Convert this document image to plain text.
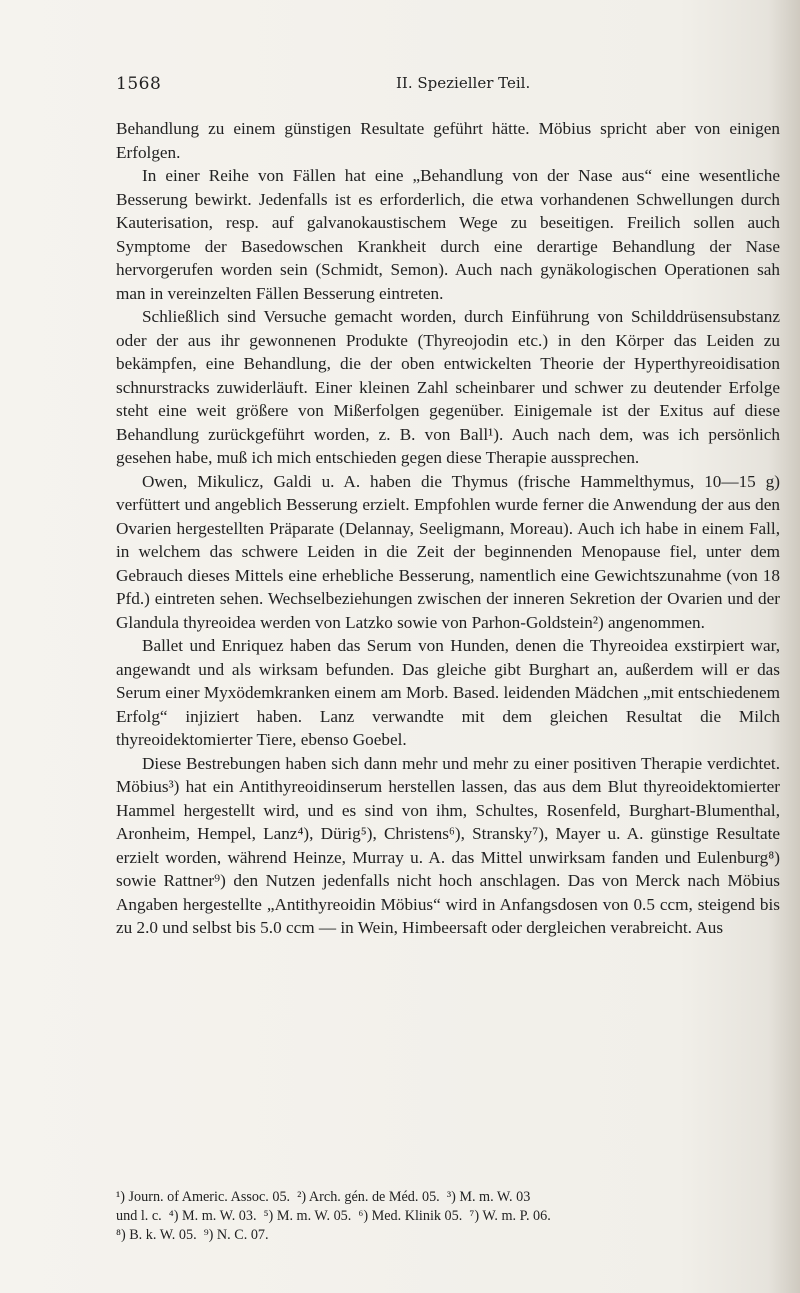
1568	II. Spezieller Teil.

Behandlung zu einem günstigen Resultate geführt hätte. Möbius spricht aber von einigen Erfolgen.

In einer Reihe von Fällen hat eine „Behandlung von der Nase aus“ eine wesentliche Besserung bewirkt. Jedenfalls ist es erforderlich, die etwa vorhandenen Schwellungen durch Kauterisation, resp. auf galvanokaustischem Wege zu beseitigen. Freilich sollen auch Symptome der Basedowschen Krankheit durch eine derartige Behandlung der Nase hervorgerufen worden sein (Schmidt, Semon). Auch nach gynäkologischen Operationen sah man in vereinzelten Fällen Besserung eintreten.

Schließlich sind Versuche gemacht worden, durch Einführung von Schilddrüsensubstanz oder der aus ihr gewonnenen Produkte (Thyreojodin etc.) in den Körper das Leiden zu bekämpfen, eine Behandlung, die der oben entwickelten Theorie der Hyperthyreoidisation schnurstracks zuwiderläuft. Einer kleinen Zahl scheinbarer und schwer zu deutender Erfolge steht eine weit größere von Mißerfolgen gegenüber. Einigemale ist der Exitus auf diese Behandlung zurückgeführt worden, z. B. von Ball¹). Auch nach dem, was ich persönlich gesehen habe, muß ich mich entschieden gegen diese Therapie aussprechen.

Owen, Mikulicz, Galdi u. A. haben die Thymus (frische Hammelthymus, 10—15 g) verfüttert und angeblich Besserung erzielt. Empfohlen wurde ferner die Anwendung der aus den Ovarien hergestellten Präparate (Delannay, Seeligmann, Moreau). Auch ich habe in einem Fall, in welchem das schwere Leiden in die Zeit der beginnenden Menopause fiel, unter dem Gebrauch dieses Mittels eine erhebliche Besserung, namentlich eine Gewichtszunahme (von 18 Pfd.) eintreten sehen. Wechselbeziehungen zwischen der inneren Sekretion der Ovarien und der Glandula thyreoidea werden von Latzko sowie von Parhon-Goldstein²) angenommen.

Ballet und Enriquez haben das Serum von Hunden, denen die Thyreoidea exstirpiert war, angewandt und als wirksam befunden. Das gleiche gibt Burghart an, außerdem will er das Serum einer Myxödemkranken einem am Morb. Based. leidenden Mädchen „mit entschiedenem Erfolg“ injiziert haben. Lanz verwandte mit dem gleichen Resultat die Milch thyreoidektomierter Tiere, ebenso Goebel.

Diese Bestrebungen haben sich dann mehr und mehr zu einer positiven Therapie verdichtet. Möbius³) hat ein Antithyreoidinserum herstellen lassen, das aus dem Blut thyreoidektomierter Hammel hergestellt wird, und es sind von ihm, Schultes, Rosenfeld, Burghart-Blumenthal, Aronheim, Hempel, Lanz⁴), Dürig⁵), Christens⁶), Stransky⁷), Mayer u. A. günstige Resultate erzielt worden, während Heinze, Murray u. A. das Mittel unwirksam fanden und Eulenburg⁸) sowie Rattner⁹) den Nutzen jedenfalls nicht hoch anschlagen. Das von Merck nach Möbius Angaben hergestellte „Antithyreoidin Möbius“ wird in Anfangsdosen von 0.5 ccm, steigend bis zu 2.0 und selbst bis 5.0 ccm — in Wein, Himbeersaft oder dergleichen verabreicht. Aus

¹) Journ. of Americ. Assoc. 05.  ²) Arch. gén. de Méd. 05.  ³) M. m. W. 03

und l. c.  ⁴) M. m. W. 03.  ⁵) M. m. W. 05.  ⁶) Med. Klinik 05.  ⁷) W. m. P. 06.

⁸) B. k. W. 05.  ⁹) N. C. 07.
